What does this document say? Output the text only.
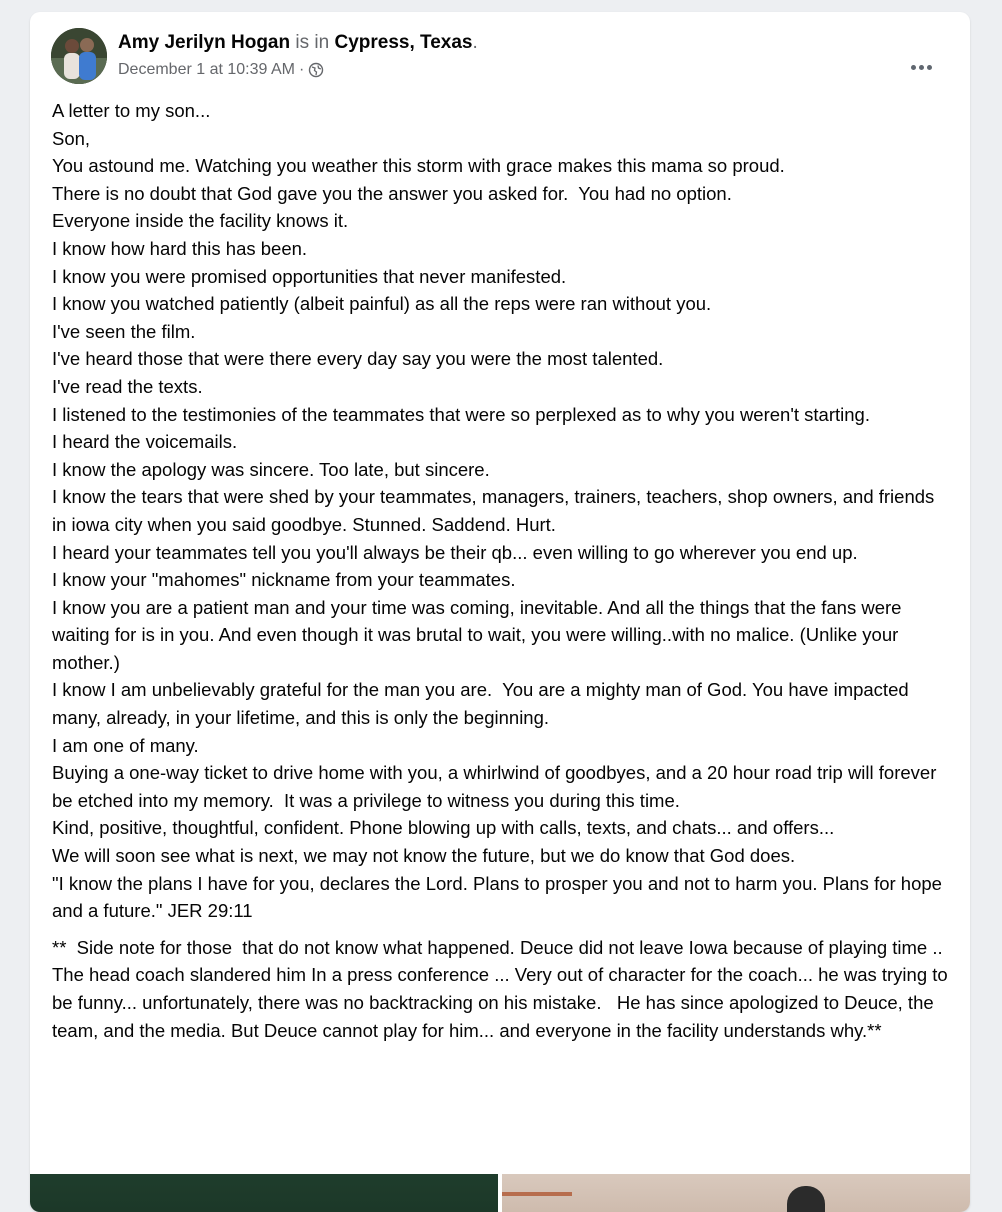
Amy Jerilyn Hogan is in Cypress, Texas.
December 1 at 10:39 AM ·

A letter to my son...

Son,

You astound me. Watching you weather this storm with grace makes this mama so proud.

There is no doubt that God gave you the answer you asked for.  You had no option.

Everyone inside the facility knows it.

I know how hard this has been.

I know you were promised opportunities that never manifested.

I know you watched patiently (albeit painful) as all the reps were ran without you.

I've seen the film.

I've heard those that were there every day say you were the most talented.

I've read the texts.

I listened to the testimonies of the teammates that were so perplexed as to why you weren't starting.

I heard the voicemails.

I know the apology was sincere. Too late, but sincere.

I know the tears that were shed by your teammates, managers, trainers, teachers, shop owners, and friends in iowa city when you said goodbye. Stunned. Saddend. Hurt.

I heard your teammates tell you you'll always be their qb... even willing to go wherever you end up.

I know your "mahomes" nickname from your teammates.

I know you are a patient man and your time was coming, inevitable. And all the things that the fans were waiting for is in you. And even though it was brutal to wait, you were willing..with no malice. (Unlike your mother.)

I know I am unbelievably grateful for the man you are.  You are a mighty man of God. You have impacted many, already, in your lifetime, and this is only the beginning.

I am one of many.

Buying a one-way ticket to drive home with you, a whirlwind of goodbyes, and a 20 hour road trip will forever be etched into my memory.  It was a privilege to witness you during this time.

Kind, positive, thoughtful, confident. Phone blowing up with calls, texts, and chats... and offers...

We will soon see what is next, we may not know the future, but we do know that God does.

"I know the plans I have for you, declares the Lord. Plans to prosper you and not to harm you. Plans for hope and a future." JER 29:11

**  Side note for those  that do not know what happened. Deuce did not leave Iowa because of playing time .. The head coach slandered him In a press conference ... Very out of character for the coach... he was trying to be funny... unfortunately, there was no backtracking on his mistake.   He has since apologized to Deuce, the team, and the media. But Deuce cannot play for him... and everyone in the facility understands why.**
